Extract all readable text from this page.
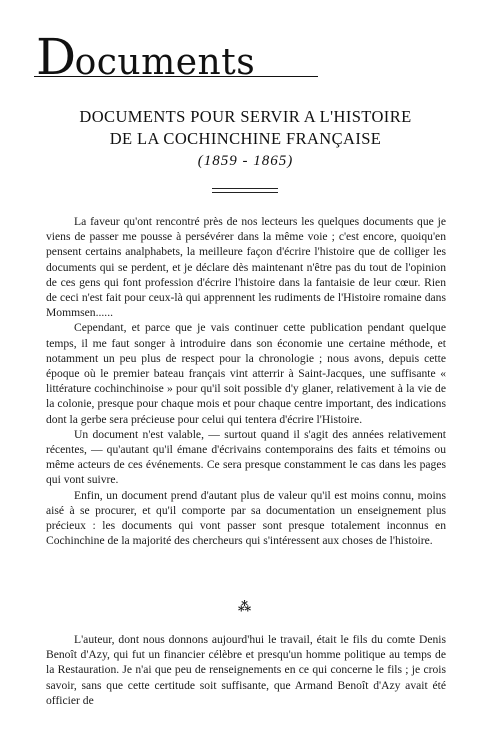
Documents
DOCUMENTS POUR SERVIR A L'HISTOIRE
DE LA COCHINCHINE FRANÇAISE
(1859 - 1865)

La faveur qu'ont rencontré près de nos lecteurs les quelques documents que je viens de passer me pousse à persévérer dans la même voie ; c'est encore, quoiqu'en pensent certains analphabets, la meilleure façon d'écrire l'histoire que de colliger les documents qui se perdent, et je déclare dès maintenant n'être pas du tout de l'opinion de ces gens qui font profession d'écrire l'histoire dans la fantaisie de leur cœur. Rien de ceci n'est fait pour ceux-là qui apprennent les rudiments de l'Histoire romaine dans Mommsen......

Cependant, et parce que je vais continuer cette publication pendant quelque temps, il me faut songer à introduire dans son économie une certaine méthode, et notamment un peu plus de respect pour la chronologie ; nous avons, depuis cette époque où le premier bateau français vint atterrir à Saint-Jacques, une suffisante « littérature cochinchinoise » pour qu'il soit possible d'y glaner, relativement à la vie de la colonie, presque pour chaque mois et pour chaque centre important, des indications dont la gerbe sera précieuse pour celui qui tentera d'écrire l'Histoire.

Un document n'est valable, — surtout quand il s'agit des années relativement récentes, — qu'autant qu'il émane d'écrivains contemporains des faits et témoins ou même acteurs de ces événements. Ce sera presque constamment le cas dans les pages qui vont suivre.

Enfin, un document prend d'autant plus de valeur qu'il est moins connu, moins aisé à se procurer, et qu'il comporte par sa documentation un enseignement plus précieux : les documents qui vont passer sont presque totalement inconnus en Cochinchine de la majorité des chercheurs qui s'intéressent aux choses de l'histoire.

⁂

L'auteur, dont nous donnons aujourd'hui le travail, était le fils du comte Denis Benoît d'Azy, qui fut un financier célèbre et presqu'un homme politique au temps de la Restauration. Je n'ai que peu de renseignements en ce qui concerne le fils ; je crois savoir, sans que cette certitude soit suffisante, que Armand Benoît d'Azy avait été officier de
